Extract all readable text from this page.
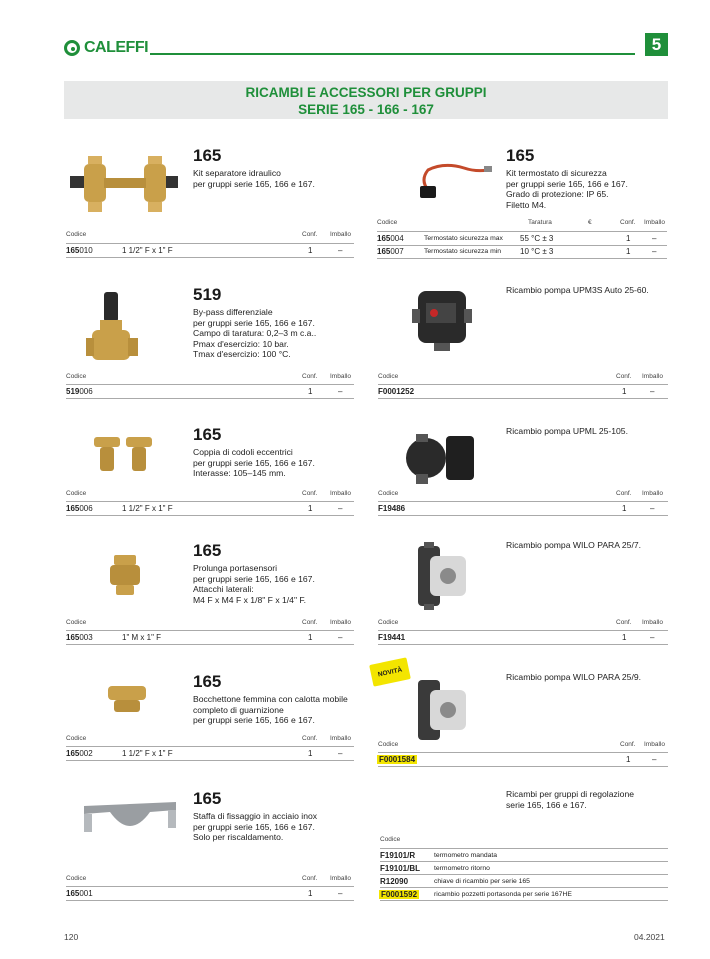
CALEFFI	5
RICAMBI E ACCESSORI PER GRUPPI
SERIE 165 - 166 - 167
165
Kit separatore idraulico
per gruppi serie 165, 166 e 167.
Codice	Conf. Imballo
165010	1 1/2" F x 1" F	1	–
519
By-pass differenziale
per gruppi serie 165, 166 e 167.
Campo di taratura: 0,2–3 m c.a..
Pmax d'esercizio: 10 bar.
Tmax d'esercizio: 100 °C.
Codice	Conf. Imballo
519006	1	–
165
Coppia di codoli eccentrici
per gruppi serie 165, 166 e 167.
Interasse: 105–145 mm.
Codice	Conf. Imballo
165006	1 1/2" F x 1" F	1	–
165
Prolunga portasensori
per gruppi serie 165, 166 e 167.
Attacchi laterali:
M4 F x M4 F x 1/8" F x 1/4" F.
Codice	Conf. Imballo
165003	1" M x 1" F	1	–
165
Bocchettone femmina con calotta mobile
completo di guarnizione
per gruppi serie 165, 166 e 167.
Codice	Conf. Imballo
165002	1 1/2" F x 1" F	1	–
165
Staffa di fissaggio in acciaio inox
per gruppi serie 165, 166 e 167.
Solo per riscaldamento.
Codice	Conf. Imballo
165001	1	–
165
Kit termostato di sicurezza
per gruppi serie 165, 166 e 167.
Grado di protezione: IP 65.
Filetto M4.
Codice	Taratura	€	Conf. Imballo
165004	Termostato sicurezza max 55 °C ± 3	1	–
165007	Termostato sicurezza min 10 °C ± 3	1	–
Ricambio pompa UPM3S Auto 25-60.
Codice	Conf. Imballo
F0001252	1	–
Ricambio pompa UPML 25-105.
Codice	Conf. Imballo
F19486	1	–
Ricambio pompa WILO PARA 25/7.
Codice	Conf. Imballo
F19441	1	–
NOVITÀ	Ricambio pompa WILO PARA 25/9.
Codice	Conf. Imballo
F0001584	1	–
Ricambi per gruppi di regolazione
serie 165, 166 e 167.
Codice
F19101/R	termometro mandata
F19101/BL termometro ritorno
R12090	chiave di ricambio per serie 165
F0001592 ricambio pozzetti portasonda per serie 167HE
120	04.2021
